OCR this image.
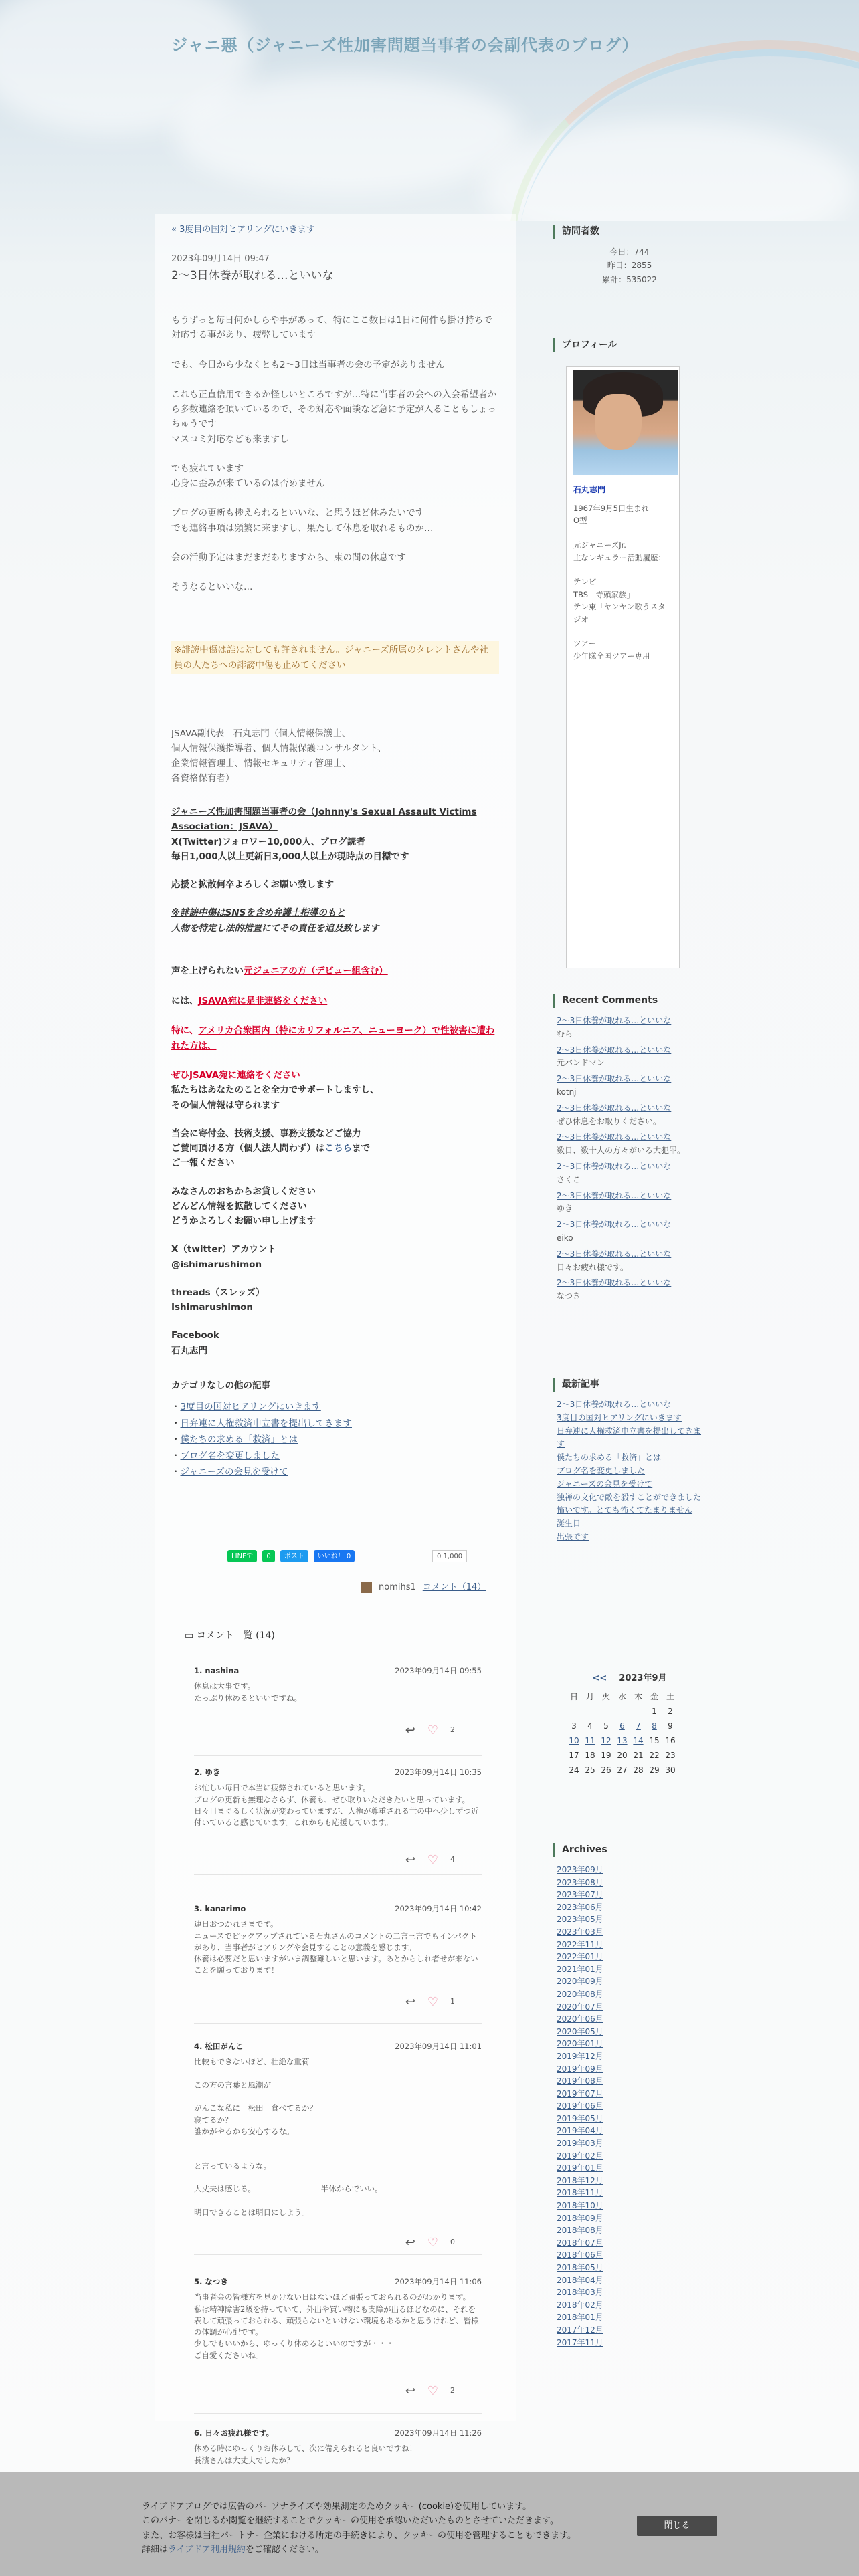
ジャニ悪（ジャニーズ性加害問題当事者の会副代表のブログ）
« 3度目の国対ヒアリングにいきます
2023年09月14日 09:47
2〜3日休養が取れる…といいな

もうずっと毎日何かしらや事があって、特にここ数日は1日に何件も掛け持ちで対応する事があり、疲弊しています

でも、今日から少なくとも2〜3日は当事者の会の予定がありません

これも正直信用できるか怪しいところですが…特に当事者の会への入会希望者から多数連絡を頂いているので、その対応や面談など急に予定が入ることもしょっちゅうです
マスコミ対応なども来ますし

でも疲れています
心身に歪みが来ているのは否めません

ブログの更新も捗えられるといいな、と思うほど休みたいです
でも連絡事項は頻繁に来ますし、果たして休息を取れるものか…

会の活動予定はまだまだありますから、束の間の休息です

そうなるといいな…

※誹謗中傷は誰に対しても許されません。ジャニーズ所属のタレントさんや社員の人たちへの誹謗中傷も止めてください

JSAVA副代表　石丸志門（個人情報保護士、
個人情報保護指導者、個人情報保護コンサルタント、
企業情報管理士、情報セキュリティ管理士、
各資格保有者）

ジャニーズ性加害問題当事者の会（Johnny's Sexual Assault Victims Association：JSAVA）
X(Twitter)フォロワー10,000人、ブログ読者
毎日1,000人以上更新日3,000人以上が現時点の目標です
応援と拡散何卒よろしくお願い致します
※誹謗中傷はSNSを含め弁護士指導のもと
人物を特定し法的措置にてその責任を追及致します

声を上げられない元ジュニアの方（デビュー組含む）

には、JSAVA宛に是非連絡をください

特に、アメリカ合衆国内（特にカリフォルニア、ニューヨーク）で性被害に遭われた方は、

ぜひJSAVA宛に連絡をください

私たちはあなたのことを全力でサポートしますし、
その個人情報は守られます
当会に寄付金、技術支援、事務支援などご協力
ご賛同頂ける方（個人法人問わず）はこちらまで
ご一報ください
みなさんのおちからお貸しください
どんどん情報を拡散してください
どうかよろしくお願い申し上げます
X（twitter）アカウント
@ishimarushimon
threads（スレッズ）
Ishimarushimon
Facebook
石丸志門
カテゴリなしの他の記事
・ 3度目の国対ヒアリングにいきます
・ 日弁連に人権救済申立書を提出してきます
・ 僕たちの求める「救済」とは
・ ブログ名を変更しました
・ ジャニーズの会見を受けて
LINEで	0	ポスト	いいね！ 0	0 1,000
nomihs1 コメント（14）
▭ コメント一覧 (14)
1. nashina	2023年09月14日 09:55
休息は大事です。
たっぷり休めるといいですね。
↩ ♡ 2
2. ゆき	2023年09月14日 10:35
お忙しい毎日で本当に疲弊されていると思います。
ブログの更新も無理なさらず、休養も、ぜひ取りいただきたいと思っています。
日々目まぐるしく状況が変わっていますが、人権が尊重される世の中へ少しずつ近付いていると感じています。これからも応援しています。
↩ ♡ 4
3. kanarimo	2023年09月14日 10:42
連日おつかれさまです。
ニュースでピックアップされている石丸さんのコメントの二言三言でもインパクトがあり、当事者がヒアリングや会見することの意義を感じます。
休養は必要だと思いますがいま調整難しいと思います。あとからしれ者せが来ないことを願っております！
↩ ♡ 1
4. 松田がんこ	2023年09月14日 11:01
比較もできないほど、壮絶な重荷

この方の言葉と風潮が

がんこな私に　松田　食べてるか？
寝てるか？
誰かがやるから安心するな。

と言っているような。

大丈夫は感じる。　　　　　　　　　半休からでいい。

明日できることは明日にしよう。
↩ ♡ 0
5. なつき	2023年09月14日 11:06
当事者会の皆様方を見かけない日はないほど頑張っておられるのがわかります。
私は精神障害2級を持っていて、外出や買い物にも支障が出るほどなのに、それを表して頑張っておられる、頑張らないといけない環境もあるかと思うけれど、皆様の体調が心配です。
少しでもいいから、ゆっくり休めるといいのですが・・・
ご自愛くださいね。
↩ ♡ 2
6. 日々お疲れ様です。	2023年09月14日 11:26
休める時にゆっくりお休みして、次に備えられると良いですね！
長濱さんは大丈夫でしたか？
訪問者数
今日：744
昨日：2855
累計：535022
プロフィール
石丸志門
1967年9月5日生まれ
O型

元ジャニーズJr.
主なレギュラー活動履歴：

テレビ
TBS「寺頭家族」
テレ東「ヤンヤン歌うスタジオ」

ツアー
少年隊全国ツアー専用
Recent Comments
2〜3日休養が取れる…といいな
むら
2〜3日休養が取れる…といいな
元バンドマン
2〜3日休養が取れる…といいな
kotnj
2〜3日休養が取れる…といいな
ぜひ休息をお取りください。
2〜3日休養が取れる…といいな
数日、数十人の方々がいる大犯罪。
2〜3日休養が取れる…といいな
さくこ
2〜3日休養が取れる…といいな
ゆき
2〜3日休養が取れる…といいな
eiko
2〜3日休養が取れる…といいな
日々お疲れ様です。
2〜3日休養が取れる…といいな
なつき
最新記事
2〜3日休養が取れる…といいな
3度目の国対ヒアリングにいきます
日弁連に人権救済申立書を提出してきます
僕たちの求める「救済」とは
ブログ名を変更しました
ジャニーズの会見を受けて
独禅の文化で敵を殺すことができました
怖いです。とても怖くてたまりません
誕生日
出張です
<< 2023年9月
日	月	火	水	木	金	土
					1	2
3	4	5	6	7	8	9
10	11	12	13	14	15	16
17	18	19	20	21	22	23
24	25	26	27	28	29	30
Archives
2023年09月
2023年08月
2023年07月
2023年06月
2023年05月
2023年03月
2022年11月
2022年01月
2021年01月
2020年09月
2020年08月
2020年07月
2020年06月
2020年05月
2020年01月
2019年12月
2019年09月
2019年08月
2019年07月
2019年06月
2019年05月
2019年04月
2019年03月
2019年02月
2019年01月
2018年12月
2018年11月
2018年10月
2018年09月
2018年08月
2018年07月
2018年06月
2018年05月
2018年04月
2018年03月
2018年02月
2018年01月
2017年12月
2017年11月
ライブドアブログでは広告のパーソナライズや効果測定のためクッキー(cookie)を使用しています。
このバナーを閉じるか閲覧を継続することでクッキーの使用を承認いただいたものとさせていただきます。
また、お客様は当社パートナー企業における所定の手続きにより、クッキーの使用を管理することもできます。
詳細はライブドア利用規約をご確認ください。
閉じる
